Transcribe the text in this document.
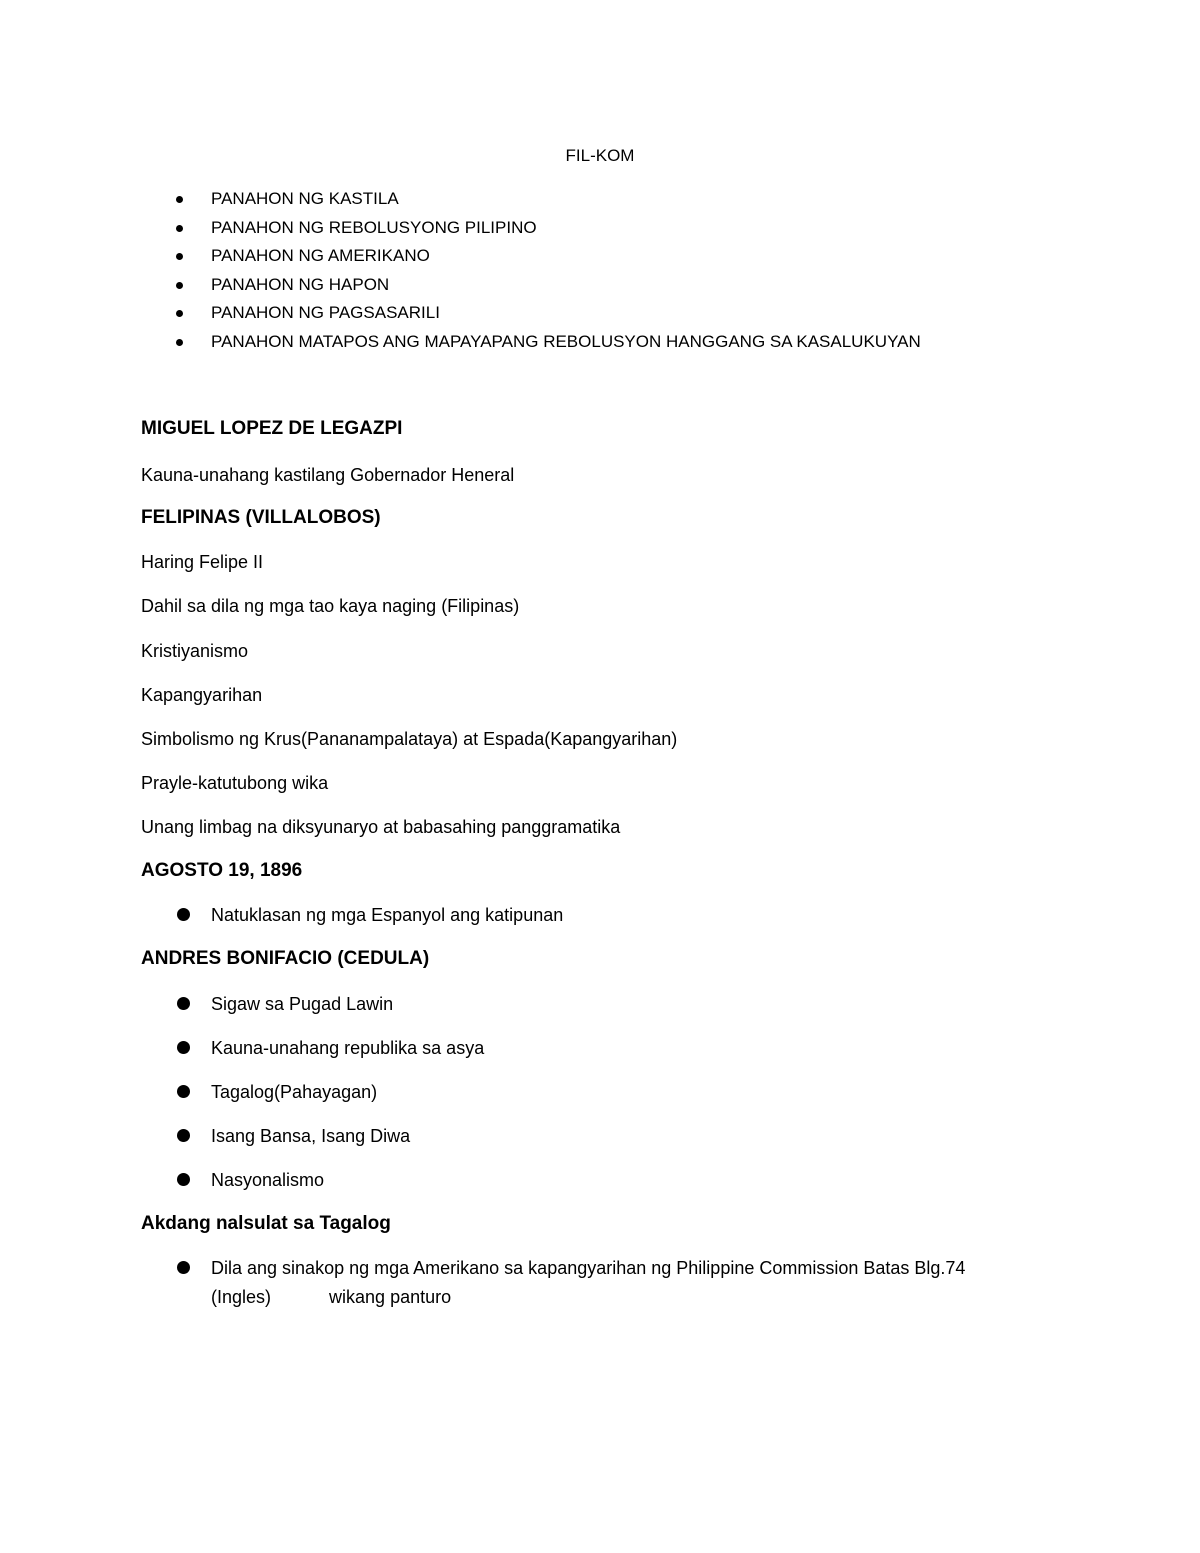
FIL-KOM
PANAHON NG KASTILA
PANAHON NG REBOLUSYONG PILIPINO
PANAHON NG AMERIKANO
PANAHON NG HAPON
PANAHON NG PAGSASARILI
PANAHON MATAPOS ANG MAPAYAPANG REBOLUSYON HANGGANG SA KASALUKUYAN
MIGUEL LOPEZ DE LEGAZPI
Kauna-unahang kastilang Gobernador Heneral
FELIPINAS (VILLALOBOS)
Haring Felipe II
Dahil sa dila ng mga tao kaya naging (Filipinas)
Kristiyanismo
Kapangyarihan
Simbolismo ng Krus(Pananampalataya) at Espada(Kapangyarihan)
Prayle-katutubong wika
Unang limbag na diksyunaryo at babasahing panggramatika
AGOSTO 19, 1896
Natuklasan ng mga Espanyol ang katipunan
ANDRES BONIFACIO (CEDULA)
Sigaw sa Pugad Lawin
Kauna-unahang republika sa asya
Tagalog(Pahayagan)
Isang Bansa, Isang Diwa
Nasyonalismo
Akdang nalsulat sa Tagalog
Dila ang sinakop ng mga Amerikano sa kapangyarihan ng Philippine Commission Batas Blg.74
(Ingles)	wikang panturo
